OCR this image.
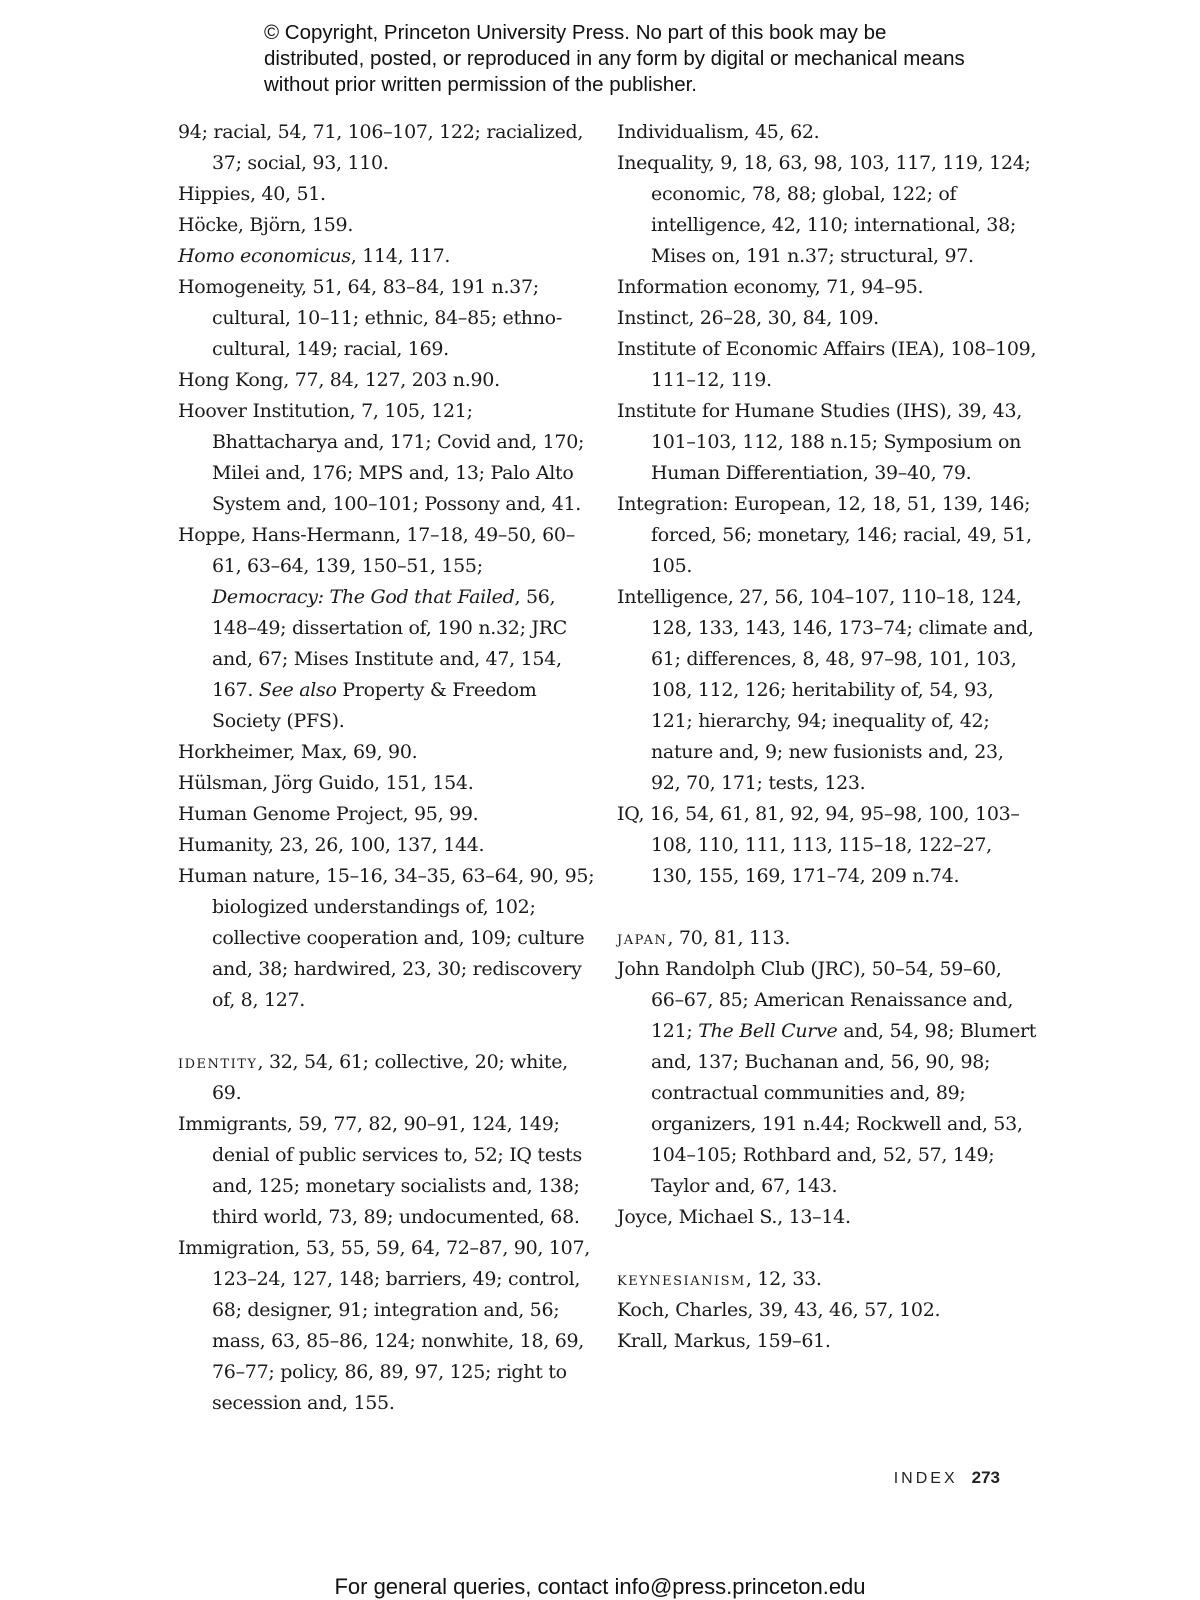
© Copyright, Princeton University Press. No part of this book may be distributed, posted, or reproduced in any form by digital or mechanical means without prior written permission of the publisher.

94; racial, 54, 71, 106–107, 122; racialized, 37; social, 93, 110.

Hippies, 40, 51.

Höcke, Björn, 159.

Homo economicus, 114, 117.

Homogeneity, 51, 64, 83–84, 191 n.37; cultural, 10–11; ethnic, 84–85; ethno-cultural, 149; racial, 169.

Hong Kong, 77, 84, 127, 203 n.90.

Hoover Institution, 7, 105, 121; Bhattacharya and, 171; Covid and, 170; Milei and, 176; MPS and, 13; Palo Alto System and, 100–101; Possony and, 41.

Hoppe, Hans-Hermann, 17–18, 49–50, 60–61, 63–64, 139, 150–51, 155; Democracy: The God that Failed, 56, 148–49; dissertation of, 190 n.32; JRC and, 67; Mises Institute and, 47, 154, 167. See also Property & Freedom Society (PFS).

Horkheimer, Max, 69, 90.

Hülsman, Jörg Guido, 151, 154.

Human Genome Project, 95, 99.

Humanity, 23, 26, 100, 137, 144.

Human nature, 15–16, 34–35, 63–64, 90, 95; biologized understandings of, 102; collective cooperation and, 109; culture and, 38; hardwired, 23, 30; rediscovery of, 8, 127.

identity, 32, 54, 61; collective, 20; white, 69.

Immigrants, 59, 77, 82, 90–91, 124, 149; denial of public services to, 52; IQ tests and, 125; monetary socialists and, 138; third world, 73, 89; undocumented, 68.

Immigration, 53, 55, 59, 64, 72–87, 90, 107, 123–24, 127, 148; barriers, 49; control, 68; designer, 91; integration and, 56; mass, 63, 85–86, 124; nonwhite, 18, 69, 76–77; policy, 86, 89, 97, 125; right to secession and, 155.

Individualism, 45, 62.

Inequality, 9, 18, 63, 98, 103, 117, 119, 124; economic, 78, 88; global, 122; of intelligence, 42, 110; international, 38; Mises on, 191 n.37; structural, 97.

Information economy, 71, 94–95.

Instinct, 26–28, 30, 84, 109.

Institute of Economic Affairs (IEA), 108–109, 111–12, 119.

Institute for Humane Studies (IHS), 39, 43, 101–103, 112, 188 n.15; Symposium on Human Differentiation, 39–40, 79.

Integration: European, 12, 18, 51, 139, 146; forced, 56; monetary, 146; racial, 49, 51, 105.

Intelligence, 27, 56, 104–107, 110–18, 124, 128, 133, 143, 146, 173–74; climate and, 61; differences, 8, 48, 97–98, 101, 103, 108, 112, 126; heritability of, 54, 93, 121; hierarchy, 94; inequality of, 42; nature and, 9; new fusionists and, 23, 92, 70, 171; tests, 123.

IQ, 16, 54, 61, 81, 92, 94, 95–98, 100, 103–108, 110, 111, 113, 115–18, 122–27, 130, 155, 169, 171–74, 209 n.74.

japan, 70, 81, 113.

John Randolph Club (JRC), 50–54, 59–60, 66–67, 85; American Renaissance and, 121; The Bell Curve and, 54, 98; Blumert and, 137; Buchanan and, 56, 90, 98; contractual communities and, 89; organizers, 191 n.44; Rockwell and, 53, 104–105; Rothbard and, 52, 57, 149; Taylor and, 67, 143.

Joyce, Michael S., 13–14.

keynesianism, 12, 33.

Koch, Charles, 39, 43, 46, 57, 102.

Krall, Markus, 159–61.

INDEX 273
For general queries, contact info@press.princeton.edu
